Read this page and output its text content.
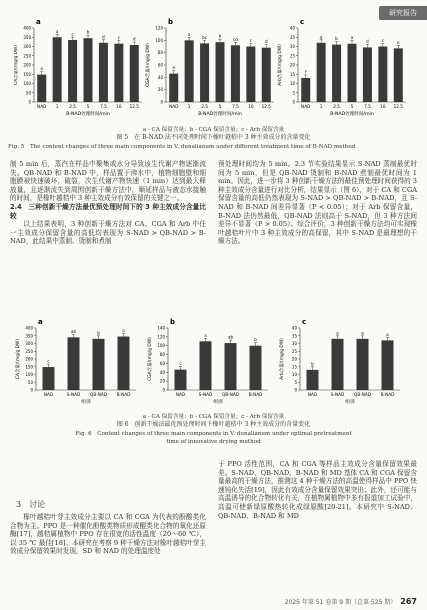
研究报告
a
CA含量/(mg/g DW)
0
50
100
150
200
250
300
350
400
e
NAD
a
1
c
2.5
b
5
d
7.5
c
10
d
12.5
B-NAD处理时间/min
b
CGA含量/(mg/g DW)
0
20
40
60
80
100
120
e
NAD
a
1
bc
2.5
b
5
cd
7.5
c
10
d
12.5
B-NAD处理时间/min
c
Arb含量/(mg/g DW)
0
5
10
15
20
25
30
35
40
f
NAD
a
1
b
2.5
a
5
d
7.5
c
10
e
12.5
B-NAD处理时间/min
a - CA 保留含量；b - CGA 保留含量；c - Arb 保留含量
图 5　在 B-NAD 法不同处理时间下橡叶越桔中 3 种主效成分的含量变化
Fig. 5　The content changes of three main components in V. dunalianum under different treatment time of B-NAD method

制 5 min 后，蒸汽在样品中聚集或水分导致该生代谢产物逐渐流失。QB-NAD 和 B-NAD 中，样品置于沸水中，植物细胞壁和细胞膜被快速破坏，破裂，次生代谢产物快速（1 min）达到最大释放量，且逐渐流失到周围创新干燥方法中，顺延样品与液态水接触的时间，是橡叶越桔中 3 种主效成分有效保留的关键之一。

2.4　三种创新干燥方法最优预处理时间下的 3 种主效成分含量比较

以上结果表明，3 种创新干燥方法对 CA、CGA 和 Arb 中任一主效成分保留含量的高低均表现为 S-NAD > QB-NAD > B-NAD，此结果中蒸制、烫制和煮制

预处理时间均为 5 min。2.3 节实验结果显示 S-NAD 蒸制最优时间为 5 min，但是 QB-NAD 烫制和 B-NAD 煮制最优时间为 1 min。因此，进一步将 3 种创新干燥方法的最佳预处理时间获得的 3 种主效成分含量进行对比分析，结果显示（图 6），对于 CA 和 CGA 保留含量的高低仍然表现为 S-NAD > QB-NAD > B-NAD，且 S-NAD 和 B-NAD 间差异显著（P < 0.05）；对于 Arb 保留含量，B-NAD 法仍然最低，QB-NAD 法则高于 S-NAD，但 3 种方法间差异不显著（P > 0.05）。综合评价，3 种创新干燥方法均可实现橡叶越桔叶片中 3 种主效成分的高保留，其中 S-NAD 是最理想的干燥方法。

a
CA含量/(mg/g DW)
0
50
100
150
200
250
300
350
400
c
NAD
ab
S-NAD
b
QB-NAD
a
B-NAD
组别
b
CGA含量/(mg/g DW)
0
20
40
60
80
100
120
140
c
NAD
a
S-NAD
ab
QB-NAD
b
B-NAD
组别
c
Arb含量/(mg/g DW)
0
5
10
15
20
25
30
35
40
b
NAD
a
S-NAD
a
QB-NAD
a
B-NAD
组别
a - CA 保留含量；b - CGA 保留含量；c - Arb 保留含量
图 6　创新干燥法最优预处理时间下橡叶越桔中 3 种主效成分的含量变化
Fig. 6　Content changes of three main components in V. dunalianum under optimal pretreatment
time of innovative drying method
3　讨论

橡叶越桔叶芽主效成分主要以 CA 和 CGA 为代表的酚酸类化合物为主。PPO 是一种催化酚酸类物质形成醌类化合物的氧化还原酶[17]，越桔属植物中 PPO 存在很宽的活性温度（20～60 ℃），以 35 ℃ 最佳[18]。本研究在考察 9 种干燥方法对橡叶越桔叶芽主效成分保留效果时发现，SD 和 NAD 的处理温度处

于 PPO 活性范围，CA 和 CGA 等样品主效成分含量保留效果最差。S-NAD、QB-NAD、B-NAD 和 MD 基体 CA 和 CGA 保留含量最高的干燥方法，推测这 4 种干燥方法的高温使得样品中 PPO 快速钝化失活[19]，因此有效成分含量保留效果突出；此外，还可能与高温诱导的化合物转化有关，在植物属植物中多有报道加工试验中，高温可使新绿原酸热转化成绿原酸[20-21]。本研究中 S-NAD、QB-NAD、B-NAD 和 MD

2025 年第 51 卷第 9 期（总第 525 期） 267
